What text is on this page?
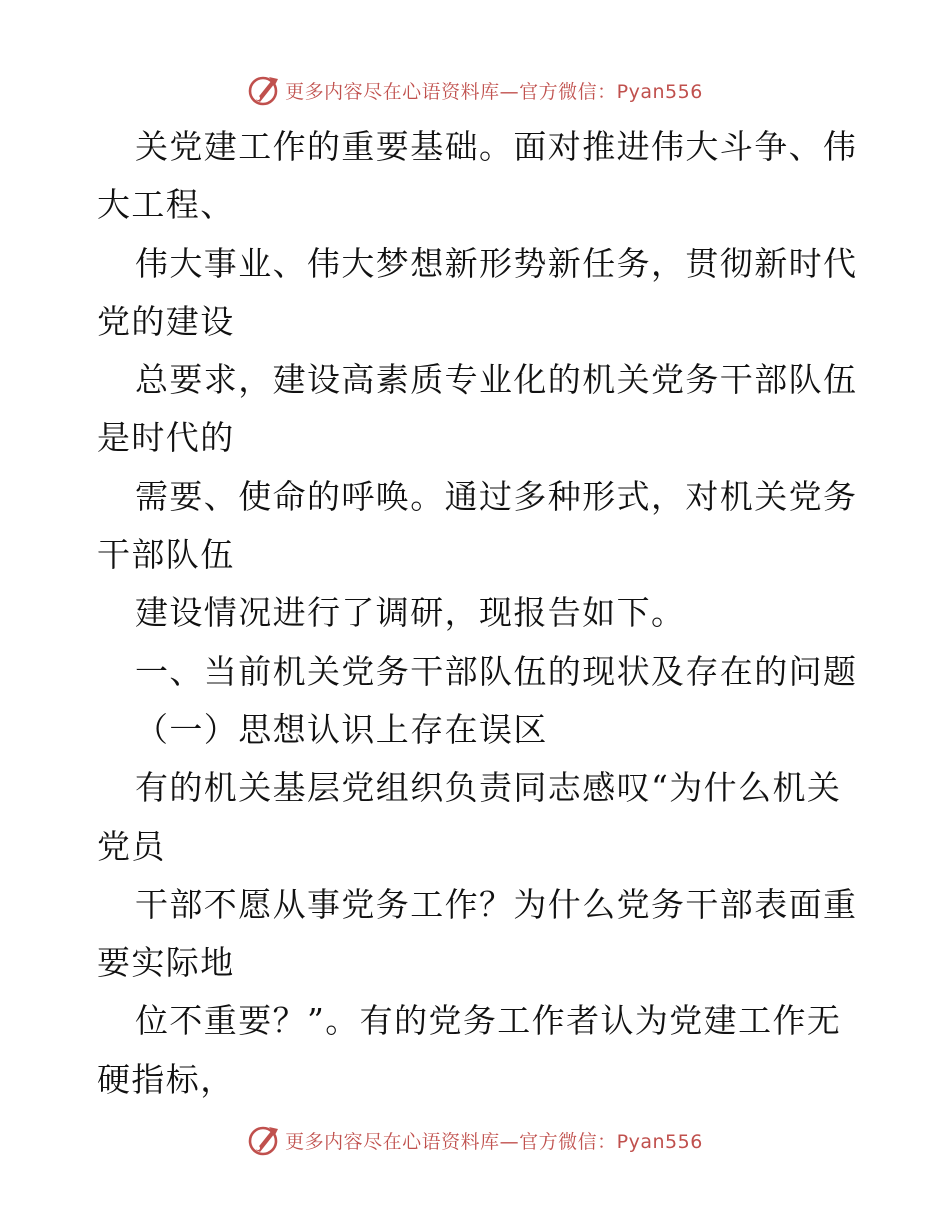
更多内容尽在心语资料库—官方微信：Pyan556
关党建工作的重要基础。面对推进伟大斗争、伟
大工程、
伟大事业、伟大梦想新形势新任务，贯彻新时代
党的建设
总要求，建设高素质专业化的机关党务干部队伍
是时代的
需要、使命的呼唤。通过多种形式，对机关党务
干部队伍
建设情况进行了调研，现报告如下。
一、当前机关党务干部队伍的现状及存在的问题
（一）思想认识上存在误区
有的机关基层党组织负责同志感叹“为什么机关
党员
干部不愿从事党务工作？为什么党务干部表面重
要实际地
位不重要？”。有的党务工作者认为党建工作无
硬指标，
更多内容尽在心语资料库—官方微信：Pyan556
